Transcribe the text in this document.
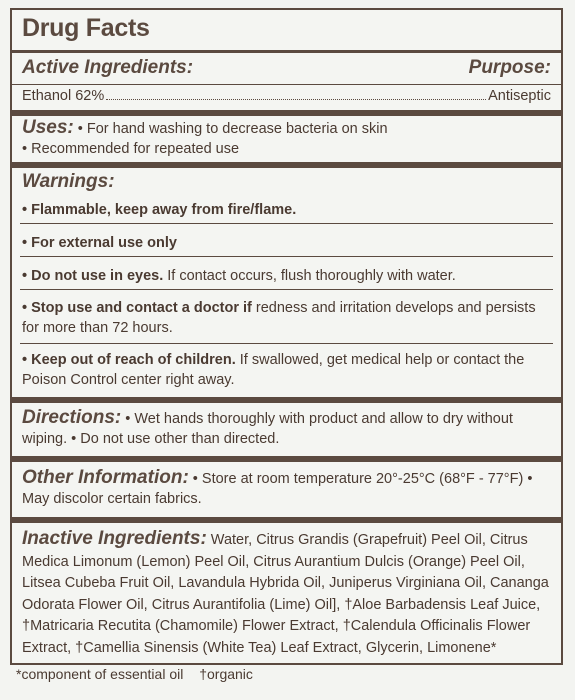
Drug Facts
Active Ingredients:	Purpose:
Ethanol 62%	Antiseptic
Uses: • For hand washing to decrease bacteria on skin
• Recommended for repeated use
Warnings:
• Flammable, keep away from fire/flame.
• For external use only
• Do not use in eyes. If contact occurs, flush thoroughly with water.
• Stop use and contact a doctor if redness and irritation develops and persists for more than 72 hours.
• Keep out of reach of children. If swallowed, get medical help or contact the Poison Control center right away.
Directions: • Wet hands thoroughly with product and allow to dry without wiping. • Do not use other than directed.
Other Information: • Store at room temperature 20°-25°C (68°F - 77°F) • May discolor certain fabrics.
Inactive Ingredients: Water, Citrus Grandis (Grapefruit) Peel Oil, Citrus Medica Limonum (Lemon) Peel Oil, Citrus Aurantium Dulcis (Orange) Peel Oil, Litsea Cubeba Fruit Oil, Lavandula Hybrida Oil, Juniperus Virginiana Oil, Cananga Odorata Flower Oil, Citrus Aurantifolia (Lime) Oil], †Aloe Barbadensis Leaf Juice, †Matricaria Recutita (Chamomile) Flower Extract, †Calendula Officinalis Flower Extract, †Camellia Sinensis (White Tea) Leaf Extract, Glycerin, Limonene*
*component of essential oil †organic
